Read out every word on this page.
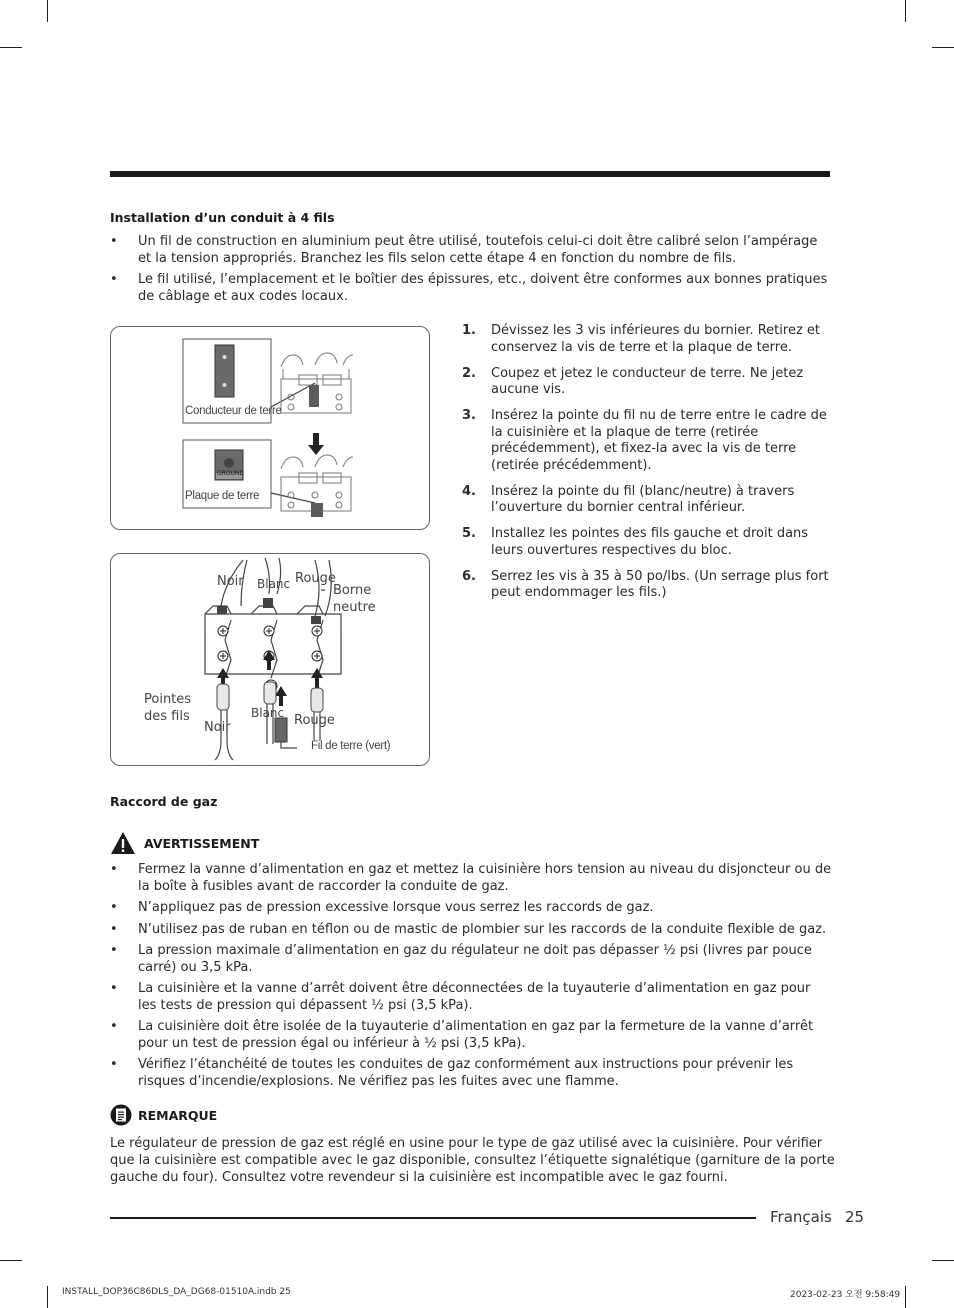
Installation d’un conduit à 4 fils
• Un fil de construction en aluminium peut être utilisé, toutefois celui-ci doit être calibré selon l’ampérage et la tension appropriés. Branchez les fils selon cette étape 4 en fonction du nombre de fils.
• Le fil utilisé, l’emplacement et le boîtier des épissures, etc., doivent être conformes aux bonnes pratiques de câblage et aux codes locaux.
Conducteur de terre
GROUND
Plaque de terre
Noir Blanc Rouge
Borne neutre
Pointes des fils
Noir
Blanc Rouge
Fil de terre (vert)
1. Dévissez les 3 vis inférieures du bornier. Retirez et conservez la vis de terre et la plaque de terre.
2. Coupez et jetez le conducteur de terre. Ne jetez aucune vis.
3. Insérez la pointe du fil nu de terre entre le cadre de la cuisinière et la plaque de terre (retirée précédemment), et fixez-la avec la vis de terre (retirée précédemment).
4. Insérez la pointe du fil (blanc/neutre) à travers l’ouverture du bornier central inférieur.
5. Installez les pointes des fils gauche et droit dans leurs ouvertures respectives du bloc.
6. Serrez les vis à 35 à 50 po/lbs. (Un serrage plus fort peut endommager les fils.)
Raccord de gaz
AVERTISSEMENT
• Fermez la vanne d’alimentation en gaz et mettez la cuisinière hors tension au niveau du disjoncteur ou de la boîte à fusibles avant de raccorder la conduite de gaz.
• N’appliquez pas de pression excessive lorsque vous serrez les raccords de gaz.
• N’utilisez pas de ruban en téflon ou de mastic de plombier sur les raccords de la conduite flexible de gaz.
• La pression maximale d’alimentation en gaz du régulateur ne doit pas dépasser ½ psi (livres par pouce carré) ou 3,5 kPa.
• La cuisinière et la vanne d’arrêt doivent être déconnectées de la tuyauterie d’alimentation en gaz pour les tests de pression qui dépassent ½ psi (3,5 kPa).
• La cuisinière doit être isolée de la tuyauterie d’alimentation en gaz par la fermeture de la vanne d’arrêt pour un test de pression égal ou inférieur à ½ psi (3,5 kPa).
• Vérifiez l’étanchéité de toutes les conduites de gaz conformément aux instructions pour prévenir les risques d’incendie/explosions. Ne vérifiez pas les fuites avec une flamme.
REMARQUE
Le régulateur de pression de gaz est réglé en usine pour le type de gaz utilisé avec la cuisinière. Pour vérifier que la cuisinière est compatible avec le gaz disponible, consultez l’étiquette signalétique (garniture de la porte gauche du four). Consultez votre revendeur si la cuisinière est incompatible avec le gaz fourni.
Français 25
INSTALL_DOP36C86DLS_DA_DG68-01510A.indb 25	2023-02-23 오전 9:58:49
